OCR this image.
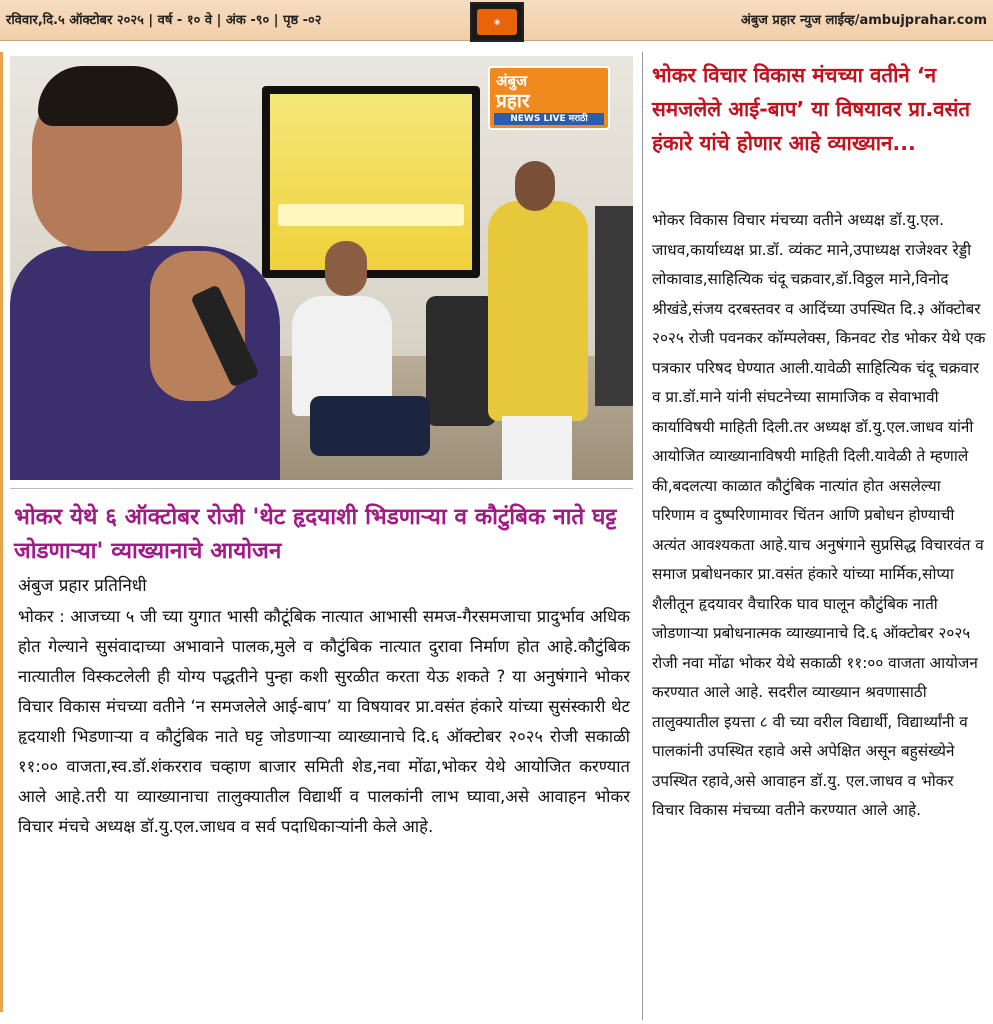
रविवार,दि.५ ऑक्टोबर २०२५ | वर्ष - १० वे | अंक -९० | पृष्ठ -०२	◉	अंबुज प्रहार न्युज लाईव्ह/ambujprahar.com
अंबुज
प्रहार
NEWS LIVE मराठी
भोकर येथे ६ ऑक्टोबर रोजी 'थेट हृदयाशी भिडणाऱ्या व कौटुंबिक नाते घट्ट जोडणाऱ्या' व्याख्यानाचे आयोजन
अंबुज प्रहार प्रतिनिधी
भोकर : आजच्या ५ जी च्या युगात भासी कौटूंबिक नात्यात आभासी समज-गैरसमजाचा प्रादुर्भाव अधिक होत गेल्याने सुसंवादाच्या अभावाने पालक,मुले व कौटुंबिक नात्यात दुरावा निर्माण होत आहे.कौटुंबिक नात्यातील विस्कटलेली ही योग्य पद्धतीने पुन्हा कशी सुरळीत करता येऊ शकते ? या अनुषंगाने भोकर विचार विकास मंचच्या वतीने ‘न समजलेले आई-बाप’ या विषयावर प्रा.वसंत हंकारे यांच्या सुसंस्कारी थेट हृदयाशी भिडणाऱ्या व कौटुंबिक नाते घट्ट जोडणाऱ्या व्याख्यानाचे दि.६ ऑक्टोबर २०२५ रोजी सकाळी ११:०० वाजता,स्व.डॉ.शंकरराव चव्हाण बाजार समिती शेड,नवा मोंढा,भोकर येथे आयोजित करण्यात आले आहे.तरी या व्याख्यानाचा तालुक्यातील विद्यार्थी व पालकांनी लाभ घ्यावा,असे आवाहन भोकर विचार मंचचे अध्यक्ष डॉ.यु.एल.जाधव व सर्व पदाधिकाऱ्यांनी केले आहे.
भोकर विचार विकास मंचच्या वतीने ‘न समजलेले आई-बाप’ या विषयावर प्रा.वसंत हंकारे यांचे होणार आहे व्याख्यान...
भोकर विकास विचार मंचच्या वतीने अध्यक्ष डॉ.यु.एल. जाधव,कार्याध्यक्ष प्रा.डॉ. व्यंकट माने,उपाध्यक्ष राजेश्वर रेड्डी लोकावाड,साहित्यिक चंदू चक्रवार,डॉ.विठ्ठल माने,विनोद श्रीखंडे,संजय दरबस्तवर व आदिंच्या उपस्थित दि.३ ऑक्टोबर २०२५ रोजी पवनकर कॉम्पलेक्स, किनवट रोड भोकर येथे एक पत्रकार परिषद घेण्यात आली.यावेळी साहित्यिक चंदू चक्रवार व प्रा.डॉ.माने यांनी संघटनेच्या सामाजिक व सेवाभावी कार्याविषयी माहिती दिली.तर अध्यक्ष डॉ.यु.एल.जाधव यांनी आयोजित व्याख्यानाविषयी माहिती दिली.यावेळी ते म्हणाले की,बदलत्या काळात कौटुंबिक नात्यांत होत असलेल्या परिणाम व दुष्परिणामावर चिंतन आणि प्रबोधन होण्याची अत्यंत आवश्यकता आहे.याच अनुषंगाने सुप्रसिद्ध विचारवंत व समाज प्रबोधनकार प्रा.वसंत हंकारे यांच्या मार्मिक,सोप्या शैलीतून हृदयावर वैचारिक घाव घालून कौटुंबिक नाती जोडणाऱ्या प्रबोधनात्मक व्याख्यानाचे दि.६ ऑक्टोबर २०२५ रोजी नवा मोंढा भोकर येथे सकाळी ११:०० वाजता आयोजन करण्यात आले आहे. सदरील व्याख्यान श्रवणासाठी तालुक्यातील इयत्ता ८ वी च्या वरील विद्यार्थी, विद्यार्थ्यांनी व पालकांनी उपस्थित रहावे असे अपेक्षित असून बहुसंख्येने उपस्थित रहावे,असे आवाहन डॉ.यु. एल.जाधव व भोकर विचार विकास मंचच्या वतीने करण्यात आले आहे.
